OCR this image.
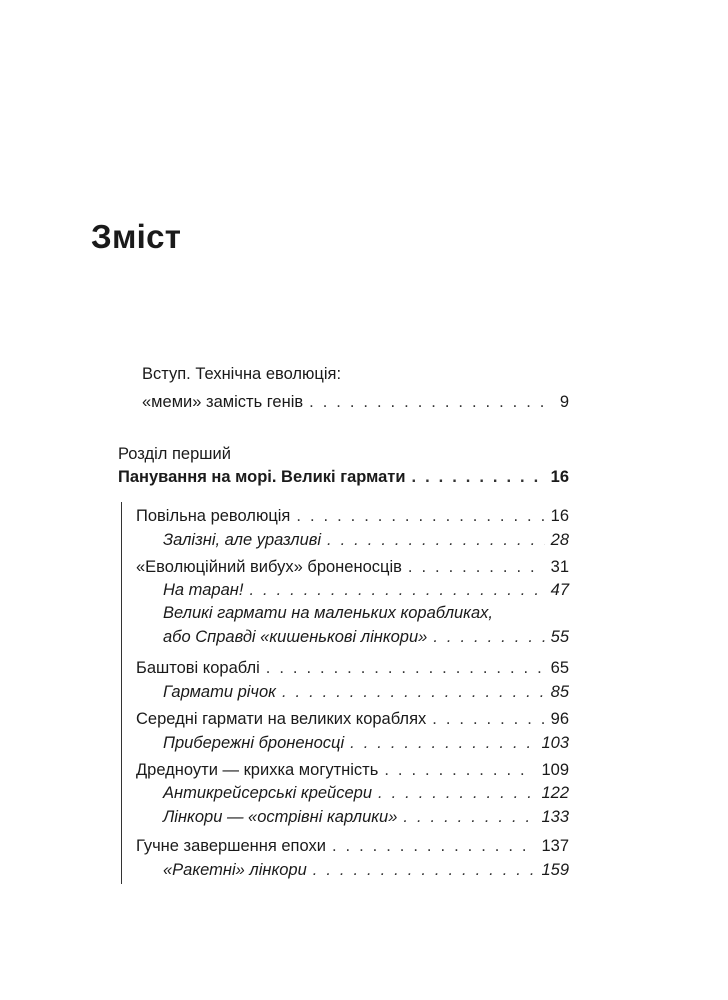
Зміст
Вступ. Технічна еволюція:
«меми» замість генів . . .	9
Розділ перший
Панування на морі. Великі гармати . . .	16
Повільна революція . . .	16
Залізні, але уразливі . . .	28
«Еволюційний вибух» броненосців . . .	31
На таран! . . .	47
Великі гармати на маленьких корабликах,
або Справді «кишенькові лінкори» . . .	55
Баштові кораблі . . .	65
Гармати річок . . .	85
Середні гармати на великих кораблях . . .	96
Прибережні броненосці . . .	103
Дредноути — крихка могутність . . .	109
Антикрейсерські крейсери . . .	122
Лінкори — «острівні карлики» . . .	133
Гучне завершення епохи . . .	137
«Ракетні» лінкори . . .	159
